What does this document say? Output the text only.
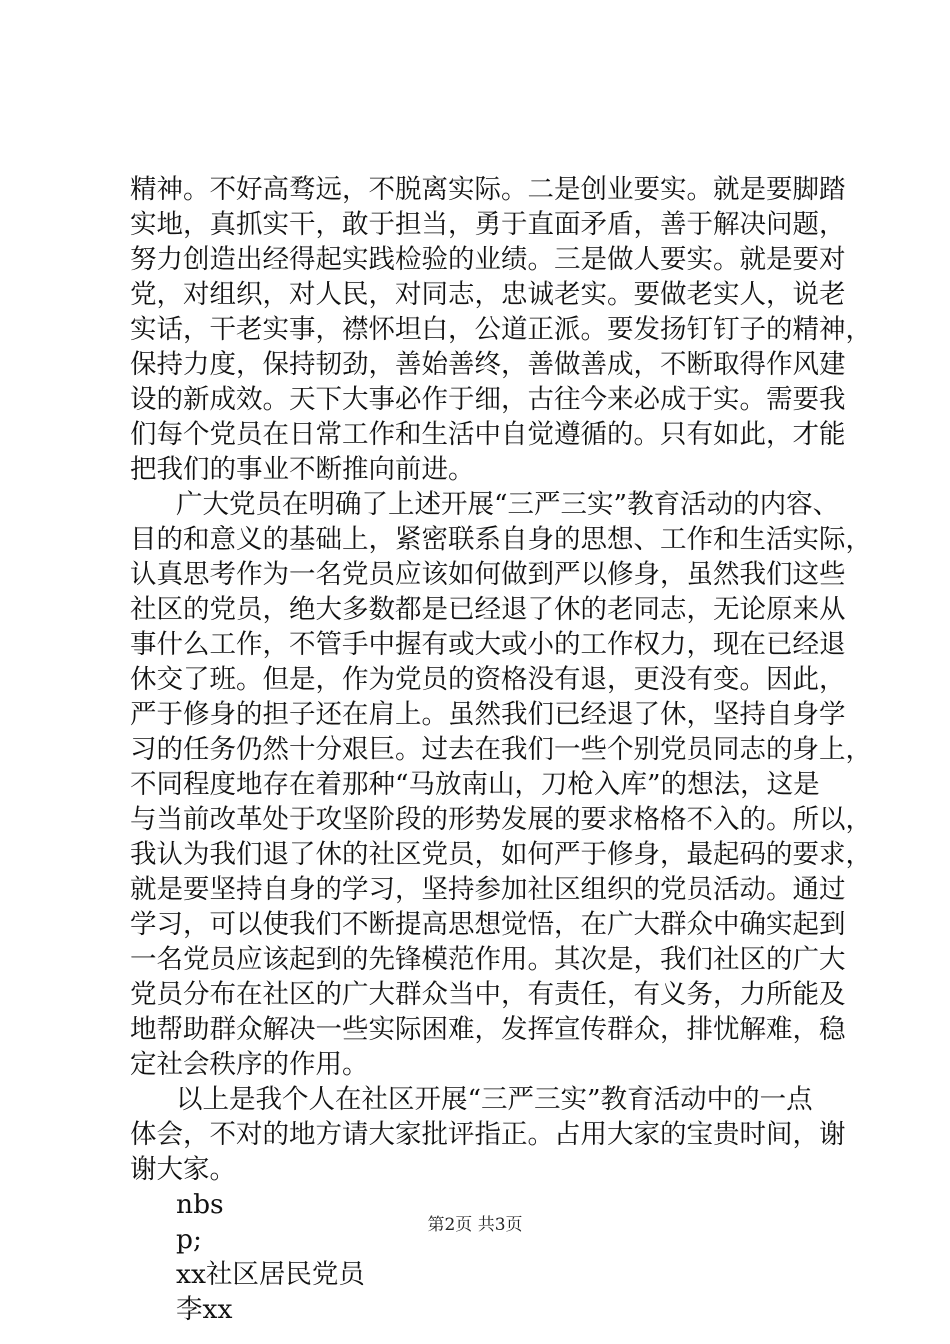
精神。不好高骛远，不脱离实际。二是创业要实。就是要脚踏
实地，真抓实干，敢于担当，勇于直面矛盾，善于解决问题，
努力创造出经得起实践检验的业绩。三是做人要实。就是要对
党，对组织，对人民，对同志，忠诚老实。要做老实人，说老
实话，干老实事，襟怀坦白，公道正派。要发扬钉钉子的精神，
保持力度，保持韧劲，善始善终，善做善成，不断取得作风建
设的新成效。天下大事必作于细，古往今来必成于实。需要我
们每个党员在日常工作和生活中自觉遵循的。只有如此，才能
把我们的事业不断推向前进。
广大党员在明确了上述开展“三严三实”教育活动的内容、
目的和意义的基础上，紧密联系自身的思想、工作和生活实际，
认真思考作为一名党员应该如何做到严以修身，虽然我们这些
社区的党员，绝大多数都是已经退了休的老同志，无论原来从
事什么工作，不管手中握有或大或小的工作权力，现在已经退
休交了班。但是，作为党员的资格没有退，更没有变。因此，
严于修身的担子还在肩上。虽然我们已经退了休，坚持自身学
习的任务仍然十分艰巨。过去在我们一些个别党员同志的身上，
不同程度地存在着那种“马放南山，刀枪入库”的想法，这是
与当前改革处于攻坚阶段的形势发展的要求格格不入的。所以，
我认为我们退了休的社区党员，如何严于修身，最起码的要求，
就是要坚持自身的学习，坚持参加社区组织的党员活动。通过
学习，可以使我们不断提高思想觉悟，在广大群众中确实起到
一名党员应该起到的先锋模范作用。其次是，我们社区的广大
党员分布在社区的广大群众当中，有责任，有义务，力所能及
地帮助群众解决一些实际困难，发挥宣传群众，排忧解难，稳
定社会秩序的作用。
以上是我个人在社区开展“三严三实”教育活动中的一点
体会，不对的地方请大家批评指正。占用大家的宝贵时间，谢
谢大家。
nbs
p;
xx社区居民党员
李xx
第2页 共3页
